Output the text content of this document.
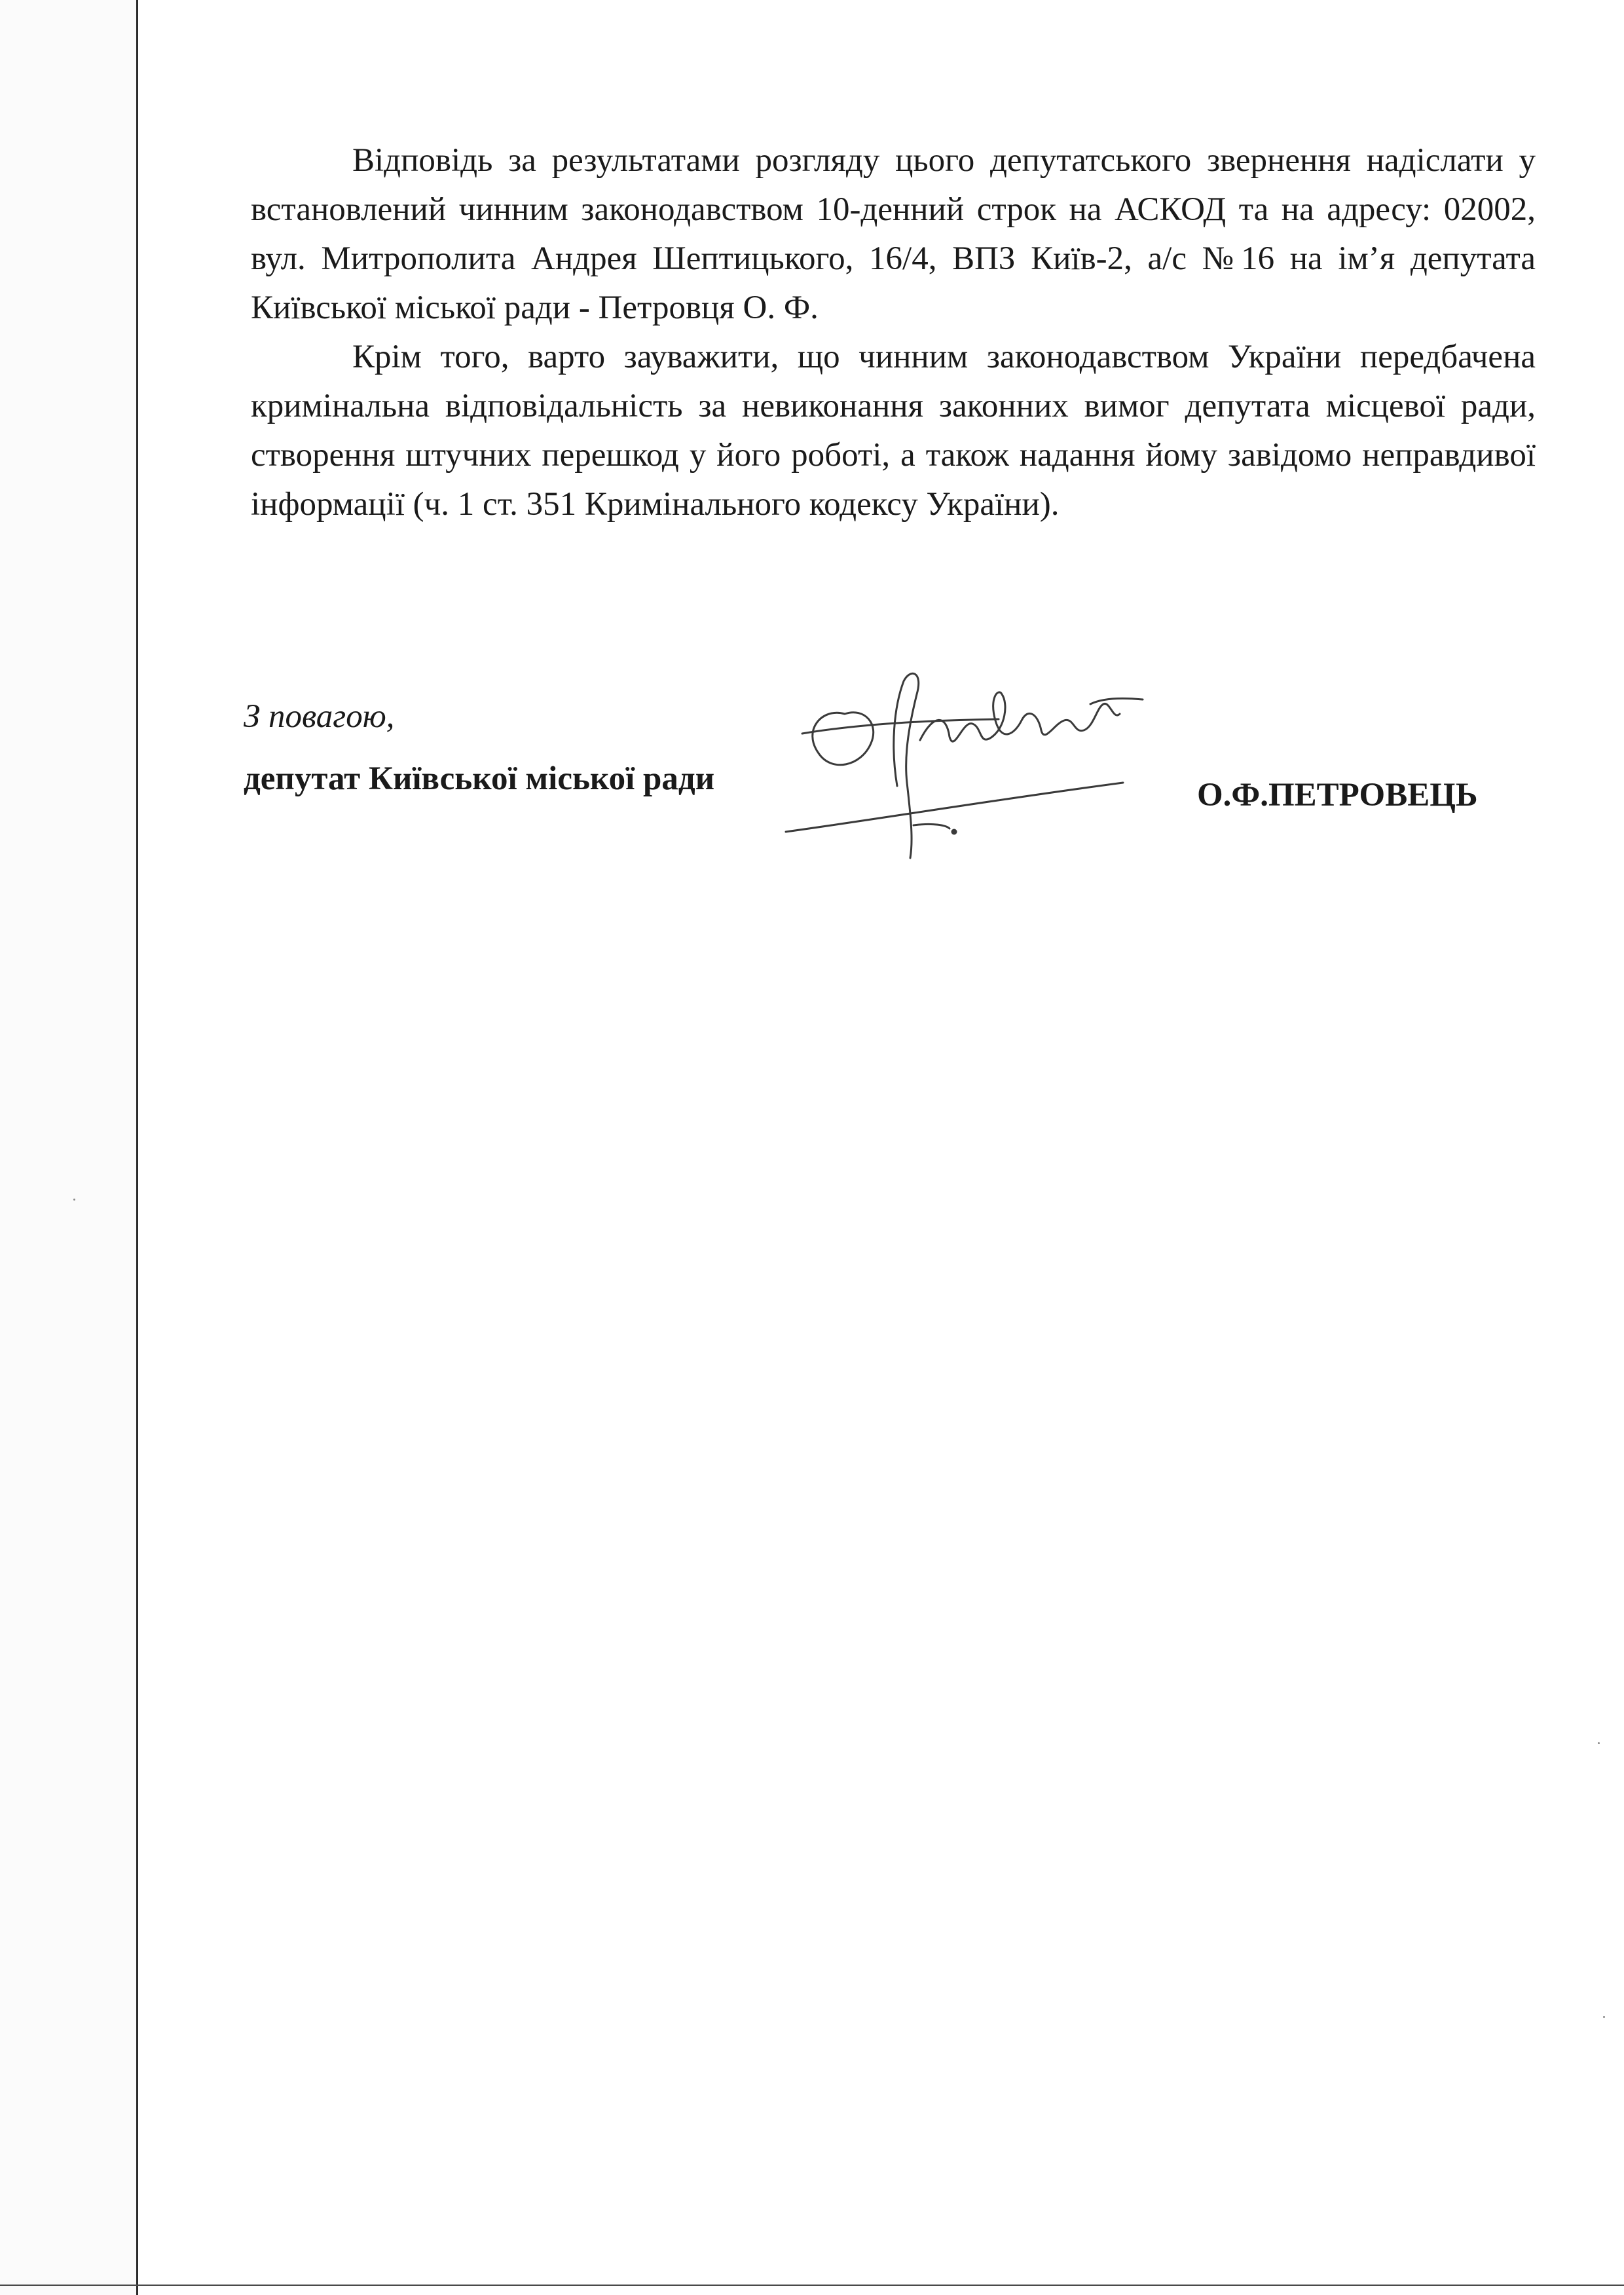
Відповідь за результатами розгляду цього депутатського звернення надіслати у встановлений чинним законодавством 10-денний строк на АСКОД та на адресу: 02002, вул. Митрополита Андрея Шептицького, 16/4, ВПЗ Київ-2, а/с №16 на ім’я депутата Київської міської ради - Петровця О. Ф.

Крім того, варто зауважити, що чинним законодавством України передбачена кримінальна відповідальність за невиконання законних вимог депутата місцевої ради, створення штучних перешкод у його роботі, а також надання йому завідомо неправдивої інформації (ч. 1 ст. 351 Кримінального кодексу України).

З повагою,
депутат Київської міської ради	О.Ф.ПЕТРОВЕЦЬ
